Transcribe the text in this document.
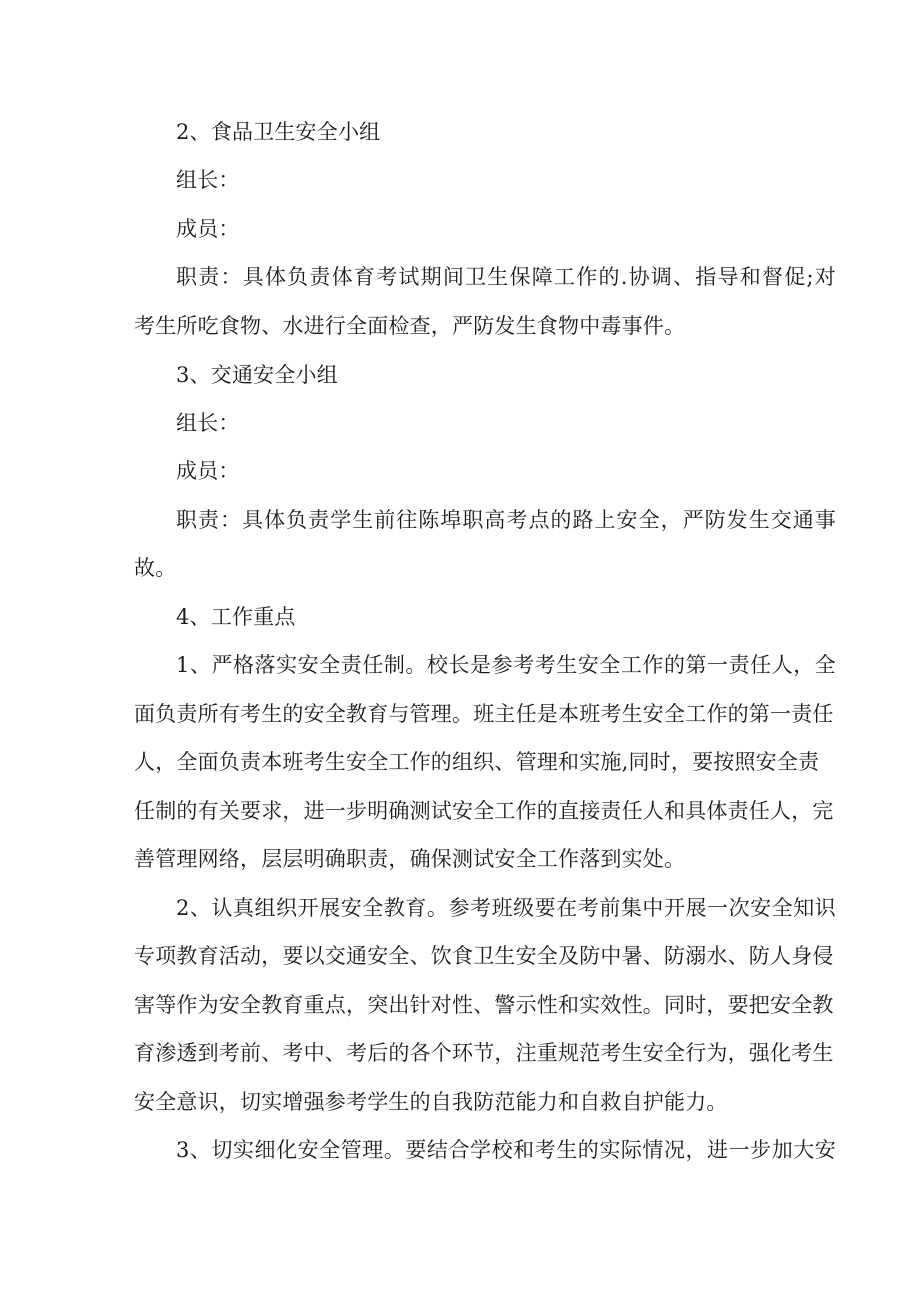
2、食品卫生安全小组
组长：
成员：
职责：具体负责体育考试期间卫生保障工作的.协调、指导和督促;对
考生所吃食物、水进行全面检查，严防发生食物中毒事件。
3、交通安全小组
组长：
成员：
职责：具体负责学生前往陈埠职高考点的路上安全，严防发生交通事
故。
4、工作重点
1、严格落实安全责任制。校长是参考考生安全工作的第一责任人，全
面负责所有考生的安全教育与管理。班主任是本班考生安全工作的第一责任
人，全面负责本班考生安全工作的组织、管理和实施,同时，要按照安全责
任制的有关要求，进一步明确测试安全工作的直接责任人和具体责任人，完
善管理网络，层层明确职责，确保测试安全工作落到实处。
2、认真组织开展安全教育。参考班级要在考前集中开展一次安全知识
专项教育活动，要以交通安全、饮食卫生安全及防中暑、防溺水、防人身侵
害等作为安全教育重点，突出针对性、警示性和实效性。同时，要把安全教
育渗透到考前、考中、考后的各个环节，注重规范考生安全行为，强化考生
安全意识，切实增强参考学生的自我防范能力和自救自护能力。
3、切实细化安全管理。要结合学校和考生的实际情况，进一步加大安
